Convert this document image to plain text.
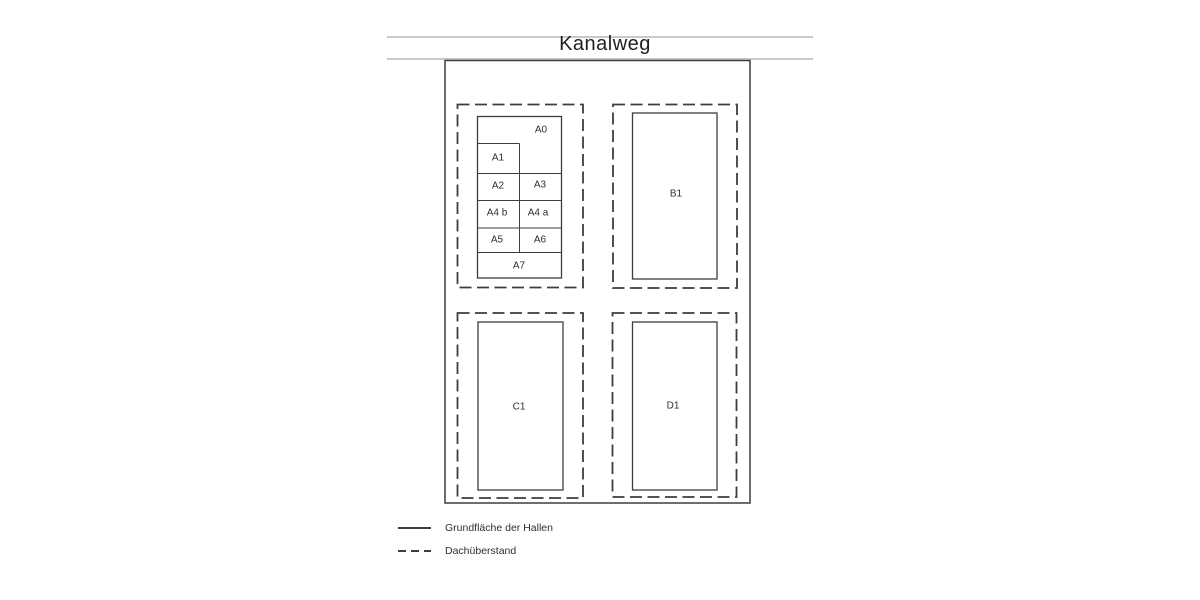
Kanalweg
A0
A1
A2	A3
A4 b A4 a
A5	A6
A7
B1
C1	D1
Grundfläche der Hallen
Dachüberstand
